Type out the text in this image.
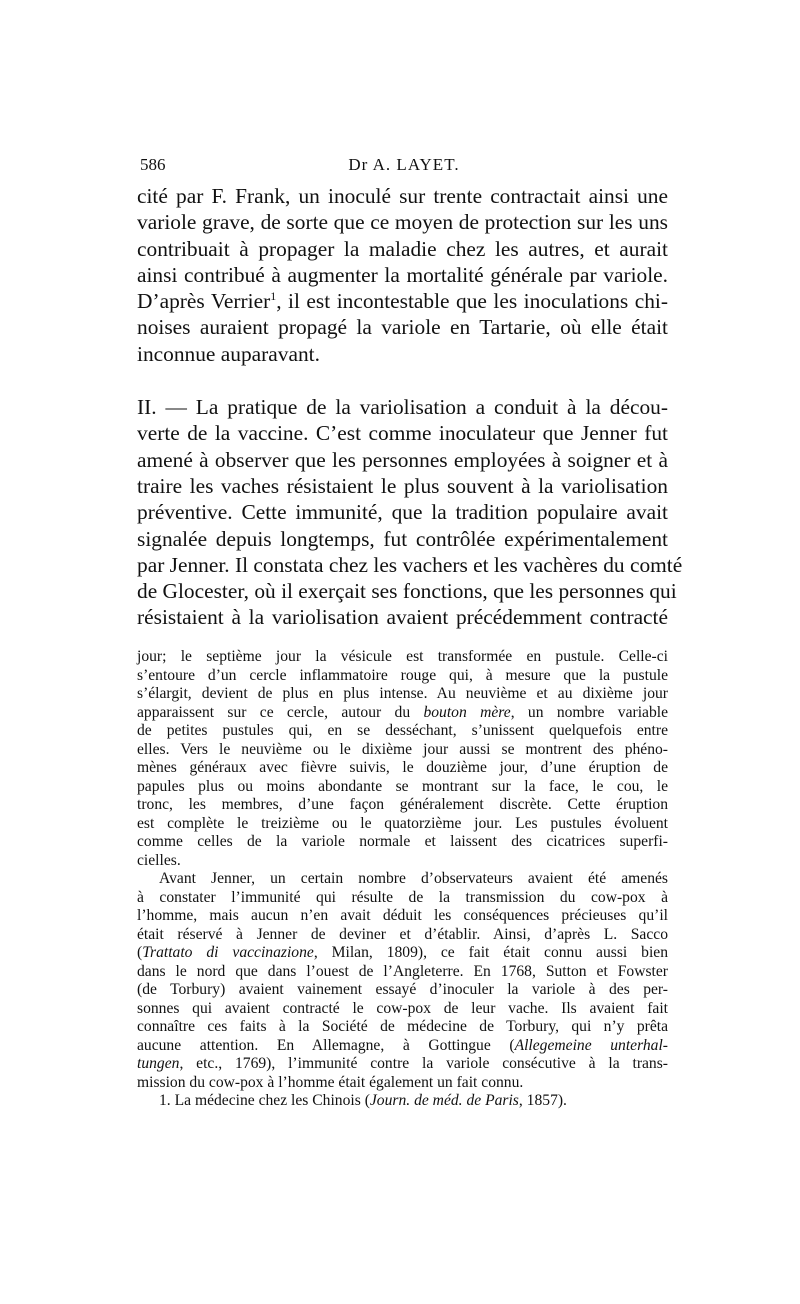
586	Dr A. LAYET.

cité par F. Frank, un inoculé sur trente contractait ainsi une
variole grave, de sorte que ce moyen de protection sur les uns
contribuait à propager la maladie chez les autres, et aurait
ainsi contribué à augmenter la mortalité générale par variole.
D’après Verrier$^1$, il est incontestable que les inoculations chi-
noises auraient propagé la variole en Tartarie, où elle était
inconnue auparavant.

II. — La pratique de la variolisation a conduit à la décou-
verte de la vaccine. C’est comme inoculateur que Jenner fut
amené à observer que les personnes employées à soigner et à
traire les vaches résistaient le plus souvent à la variolisation
préventive. Cette immunité, que la tradition populaire avait
signalée depuis longtemps, fut contrôlée expérimentalement
par Jenner. Il constata chez les vachers et les vachères du comté
de Glocester, où il exerçait ses fonctions, que les personnes qui
résistaient à la variolisation avaient précédemment contracté

jour; le septième jour la vésicule est transformée en pustule. Celle-ci
s’entoure d’un cercle inflammatoire rouge qui, à mesure que la pustule
s’élargit, devient de plus en plus intense. Au neuvième et au dixième jour
apparaissent sur ce cercle, autour du bouton mère, un nombre variable
de petites pustules qui, en se desséchant, s’unissent quelquefois entre
elles. Vers le neuvième ou le dixième jour aussi se montrent des phéno-
mènes généraux avec fièvre suivis, le douzième jour, d’une éruption de
papules plus ou moins abondante se montrant sur la face, le cou, le
tronc, les membres, d’une façon généralement discrète. Cette éruption
est complète le treizième ou le quatorzième jour. Les pustules évoluent
comme celles de la variole normale et laissent des cicatrices superfi-
cielles.
Avant Jenner, un certain nombre d’observateurs avaient été amenés
à constater l’immunité qui résulte de la transmission du cow-pox à
l’homme, mais aucun n’en avait déduit les conséquences précieuses qu’il
était réservé à Jenner de deviner et d’établir. Ainsi, d’après L. Sacco
(Trattato di vaccinazione, Milan, 1809), ce fait était connu aussi bien
dans le nord que dans l’ouest de l’Angleterre. En 1768, Sutton et Fowster
(de Torbury) avaient vainement essayé d’inoculer la variole à des per-
sonnes qui avaient contracté le cow-pox de leur vache. Ils avaient fait
connaître ces faits à la Société de médecine de Torbury, qui n’y prêta
aucune attention. En Allemagne, à Gottingue (Allegemeine unterhal-
tungen, etc., 1769), l’immunité contre la variole consécutive à la trans-
mission du cow-pox à l’homme était également un fait connu.
1. La médecine chez les Chinois (Journ. de méd. de Paris, 1857).
